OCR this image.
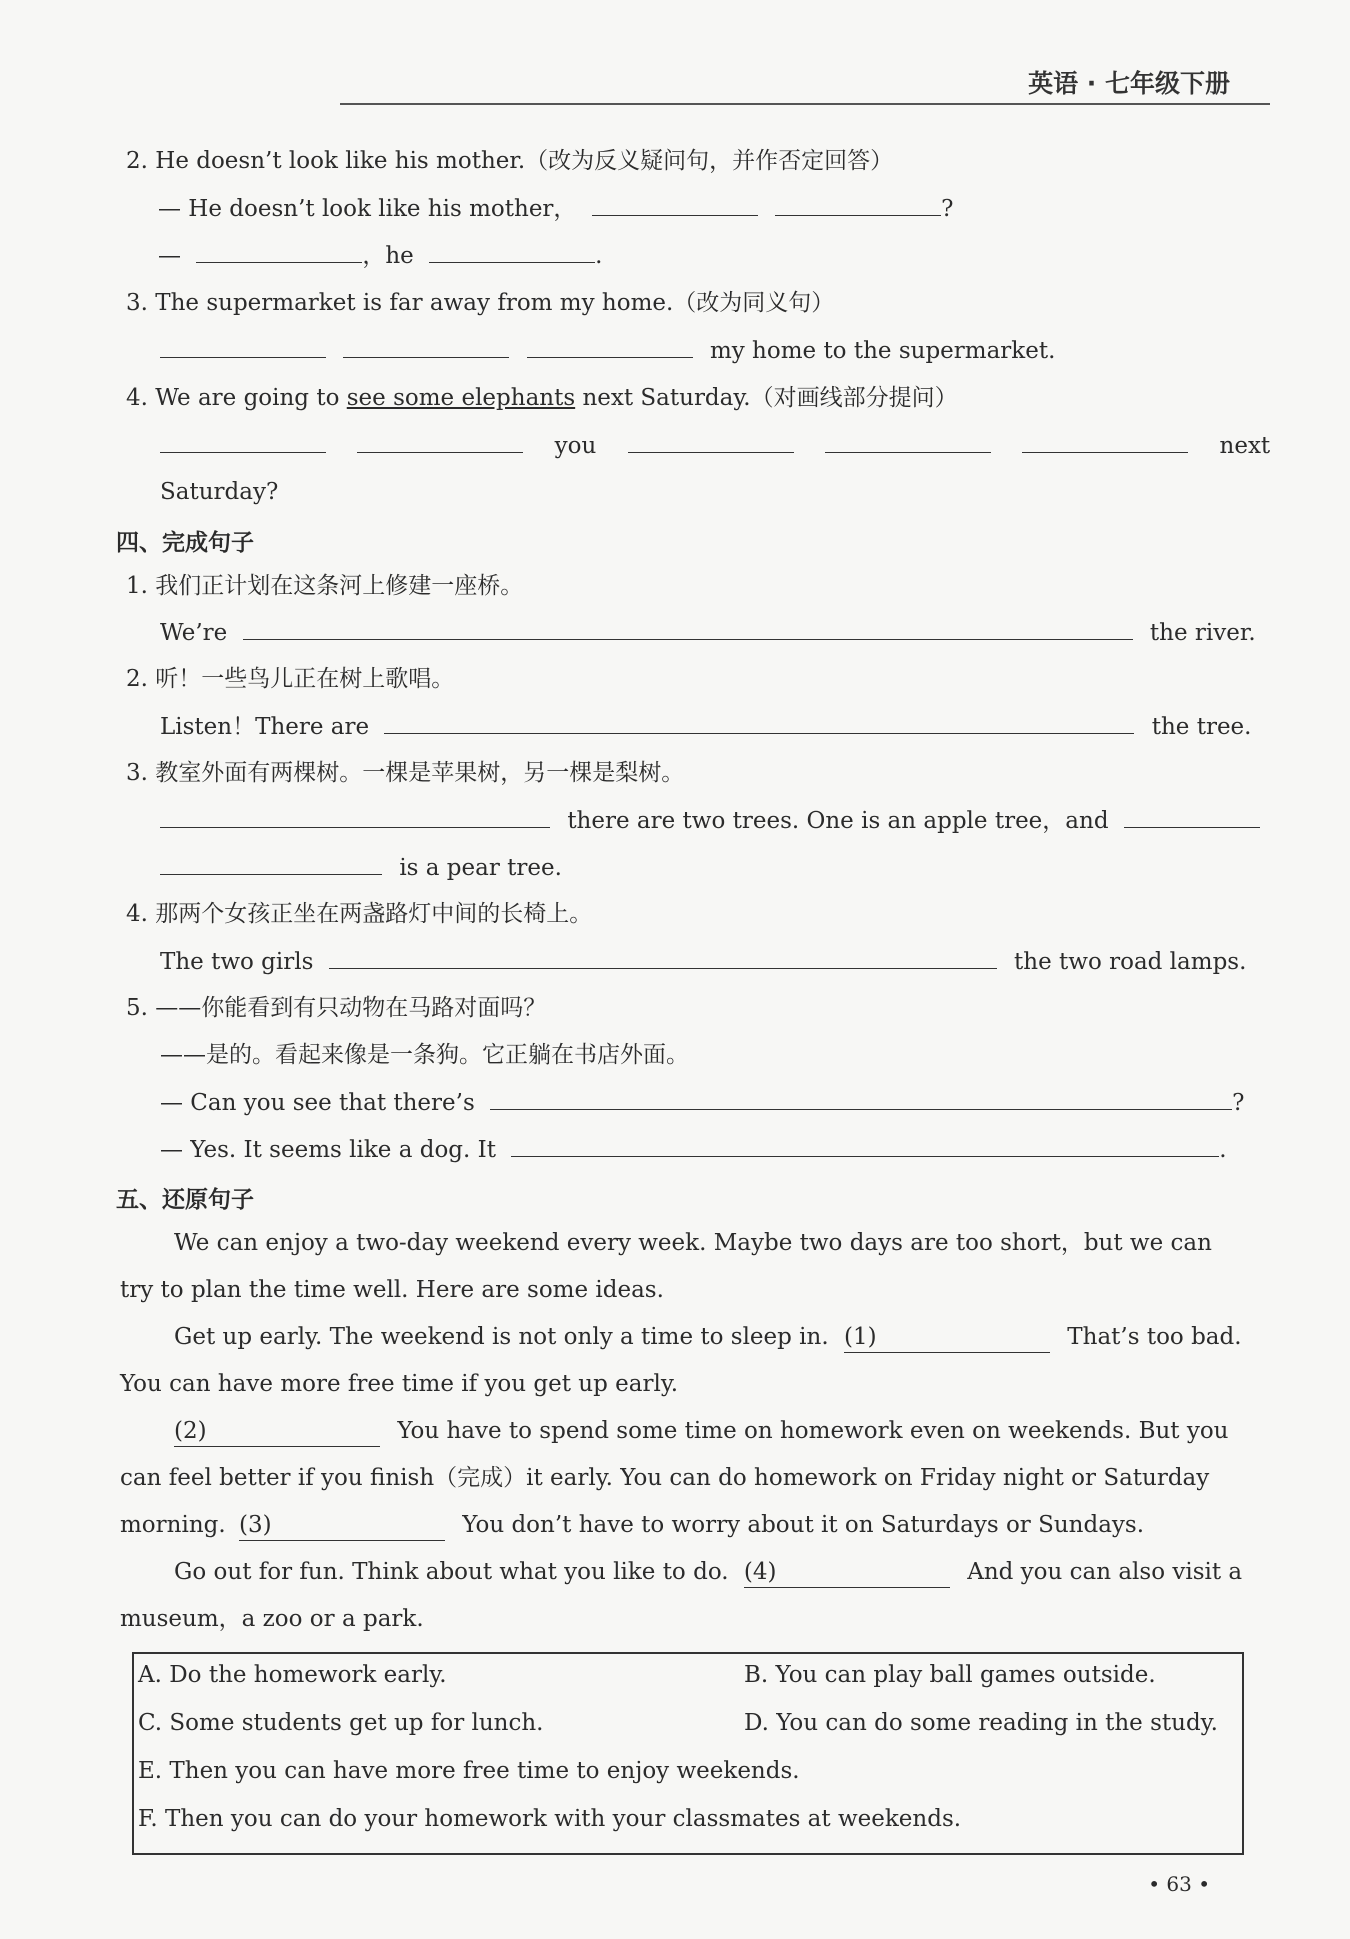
英语 · 七年级下册
2. He doesn’t look like his mother.（改为反义疑问句，并作否定回答）
— He doesn’t look like his mother，	?
—	，he	.
3. The supermarket is far away from my home.（改为同义句）
my home to the supermarket.
4. We are going to see some elephants next Saturday.（对画线部分提问）
you	next
Saturday?
四、完成句子
1. 我们正计划在这条河上修建一座桥。
We’re	the river.
2. 听！一些鸟儿正在树上歌唱。
Listen！There are	the tree.
3. 教室外面有两棵树。一棵是苹果树，另一棵是梨树。
there are two trees. One is an apple tree，and
is a pear tree.
4. 那两个女孩正坐在两盏路灯中间的长椅上。
The two girls	the two road lamps.
5. ——你能看到有只动物在马路对面吗？
——是的。看起来像是一条狗。它正躺在书店外面。
— Can you see that there’s	?
— Yes. It seems like a dog. It	.
五、还原句子
We can enjoy a two-day weekend every week. Maybe two days are too short，but we can
try to plan the time well. Here are some ideas.
Get up early. The weekend is not only a time to sleep in. (1)	That’s too bad.
You can have more free time if you get up early.
(2)	You have to spend some time on homework even on weekends. But you
can feel better if you finish（完成）it early. You can do homework on Friday night or Saturday
morning. (3)	You don’t have to worry about it on Saturdays or Sundays.
Go out for fun. Think about what you like to do. (4)	And you can also visit a
museum，a zoo or a park.
A. Do the homework early.	B. You can play ball games outside.
C. Some students get up for lunch.	D. You can do some reading in the study.
E. Then you can have more free time to enjoy weekends.
F. Then you can do your homework with your classmates at weekends.
• 63 •
